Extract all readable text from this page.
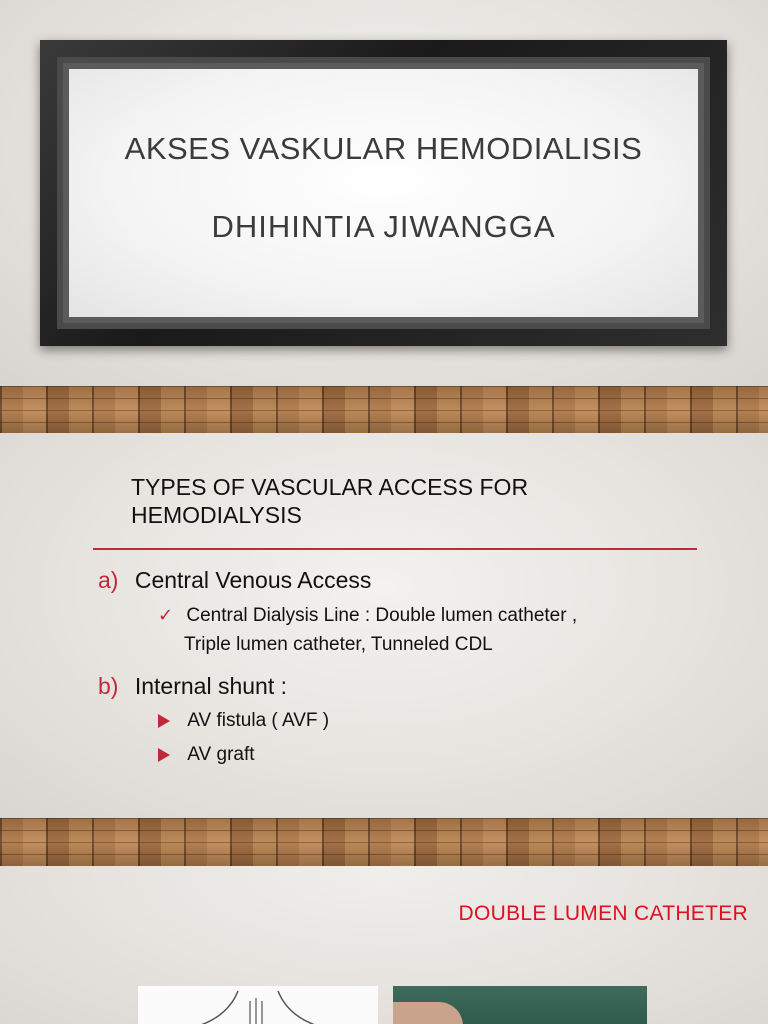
AKSES VASKULAR HEMODIALISIS
DHIHINTIA JIWANGGA
TYPES OF VASCULAR ACCESS FOR HEMODIALYSIS
a) Central Venous Access
✓ Central Dialysis Line : Double lumen catheter ,
Triple lumen catheter, Tunneled CDL
b) Internal shunt :
AV fistula ( AVF )
AV graft
DOUBLE LUMEN CATHETER
